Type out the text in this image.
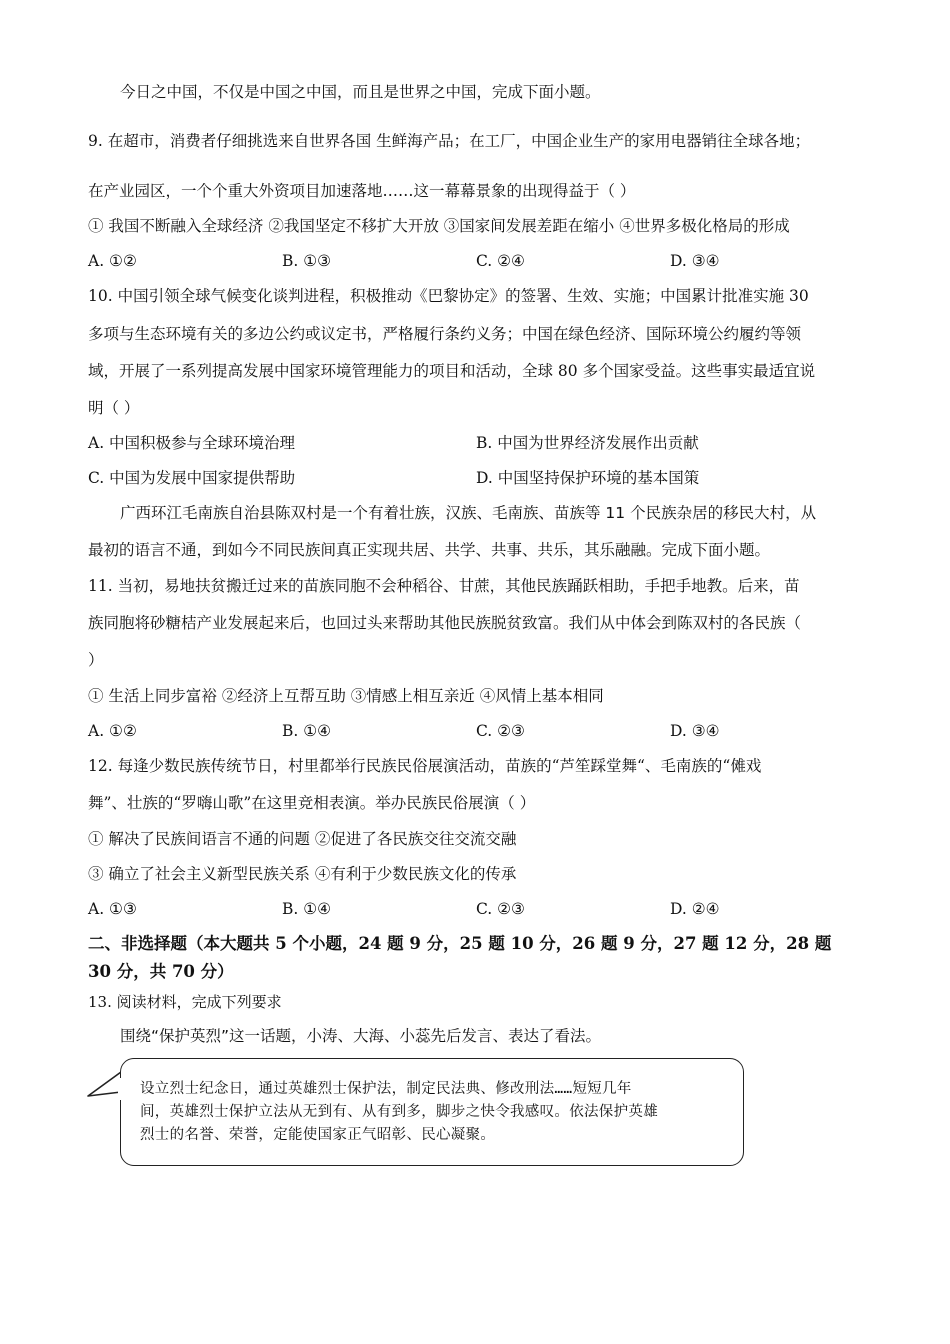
今日之中国，不仅是中国之中国，而且是世界之中国，完成下面小题。
9. 在超市，消费者仔细挑选来自世界各国 生鲜海产品；在工厂，中国企业生产的家用电器销往全球各地；
在产业园区，一个个重大外资项目加速落地……这一幕幕景象的出现得益于（ ）
① 我国不断融入全球经济 ②我国坚定不移扩大开放 ③国家间发展差距在缩小 ④世界多极化格局的形成
A. ①②	B. ①③	C. ②④	D. ③④
10. 中国引领全球气候变化谈判进程，积极推动《巴黎协定》的签署、生效、实施；中国累计批准实施 30
多项与生态环境有关的多边公约或议定书，严格履行条约义务；中国在绿色经济、国际环境公约履约等领
域，开展了一系列提高发展中国家环境管理能力的项目和活动，全球 80 多个国家受益。这些事实最适宜说
明（ ）
A. 中国积极参与全球环境治理	B. 中国为世界经济发展作出贡献
C. 中国为发展中国家提供帮助	D. 中国坚持保护环境的基本国策
广西环江毛南族自治县陈双村是一个有着壮族，汉族、毛南族、苗族等 11 个民族杂居的移民大村，从
最初的语言不通，到如今不同民族间真正实现共居、共学、共事、共乐，其乐融融。完成下面小题。
11. 当初，易地扶贫搬迁过来的苗族同胞不会种稻谷、甘蔗，其他民族踊跃相助，手把手地教。后来，苗
族同胞将砂糖桔产业发展起来后，也回过头来帮助其他民族脱贫致富。我们从中体会到陈双村的各民族（
）
① 生活上同步富裕 ②经济上互帮互助 ③情感上相互亲近 ④风情上基本相同
A. ①②	B. ①④	C. ②③	D. ③④
12. 每逢少数民族传统节日，村里都举行民族民俗展演活动，苗族的“芦笙踩堂舞“、毛南族的“傩戏
舞”、壮族的“罗嗨山歌”在这里竞相表演。举办民族民俗展演（ ）
① 解决了民族间语言不通的问题 ②促进了各民族交往交流交融
③ 确立了社会主义新型民族关系 ④有利于少数民族文化的传承
A. ①③	B. ①④	C. ②③	D. ②④
二、非选择题（本大题共 5 个小题，24 题 9 分，25 题 10 分，26 题 9 分，27 题 12 分，28 题
30 分，共 70 分）
13. 阅读材料，完成下列要求
围绕“保护英烈”这一话题，小涛、大海、小蕊先后发言、表达了看法。
设立烈士纪念日，通过英雄烈士保护法，制定民法典、修改刑法……短短几年
间，英雄烈士保护立法从无到有、从有到多，脚步之快令我感叹。依法保护英雄
烈士的名誉、荣誉，定能使国家正气昭彰、民心凝聚。
